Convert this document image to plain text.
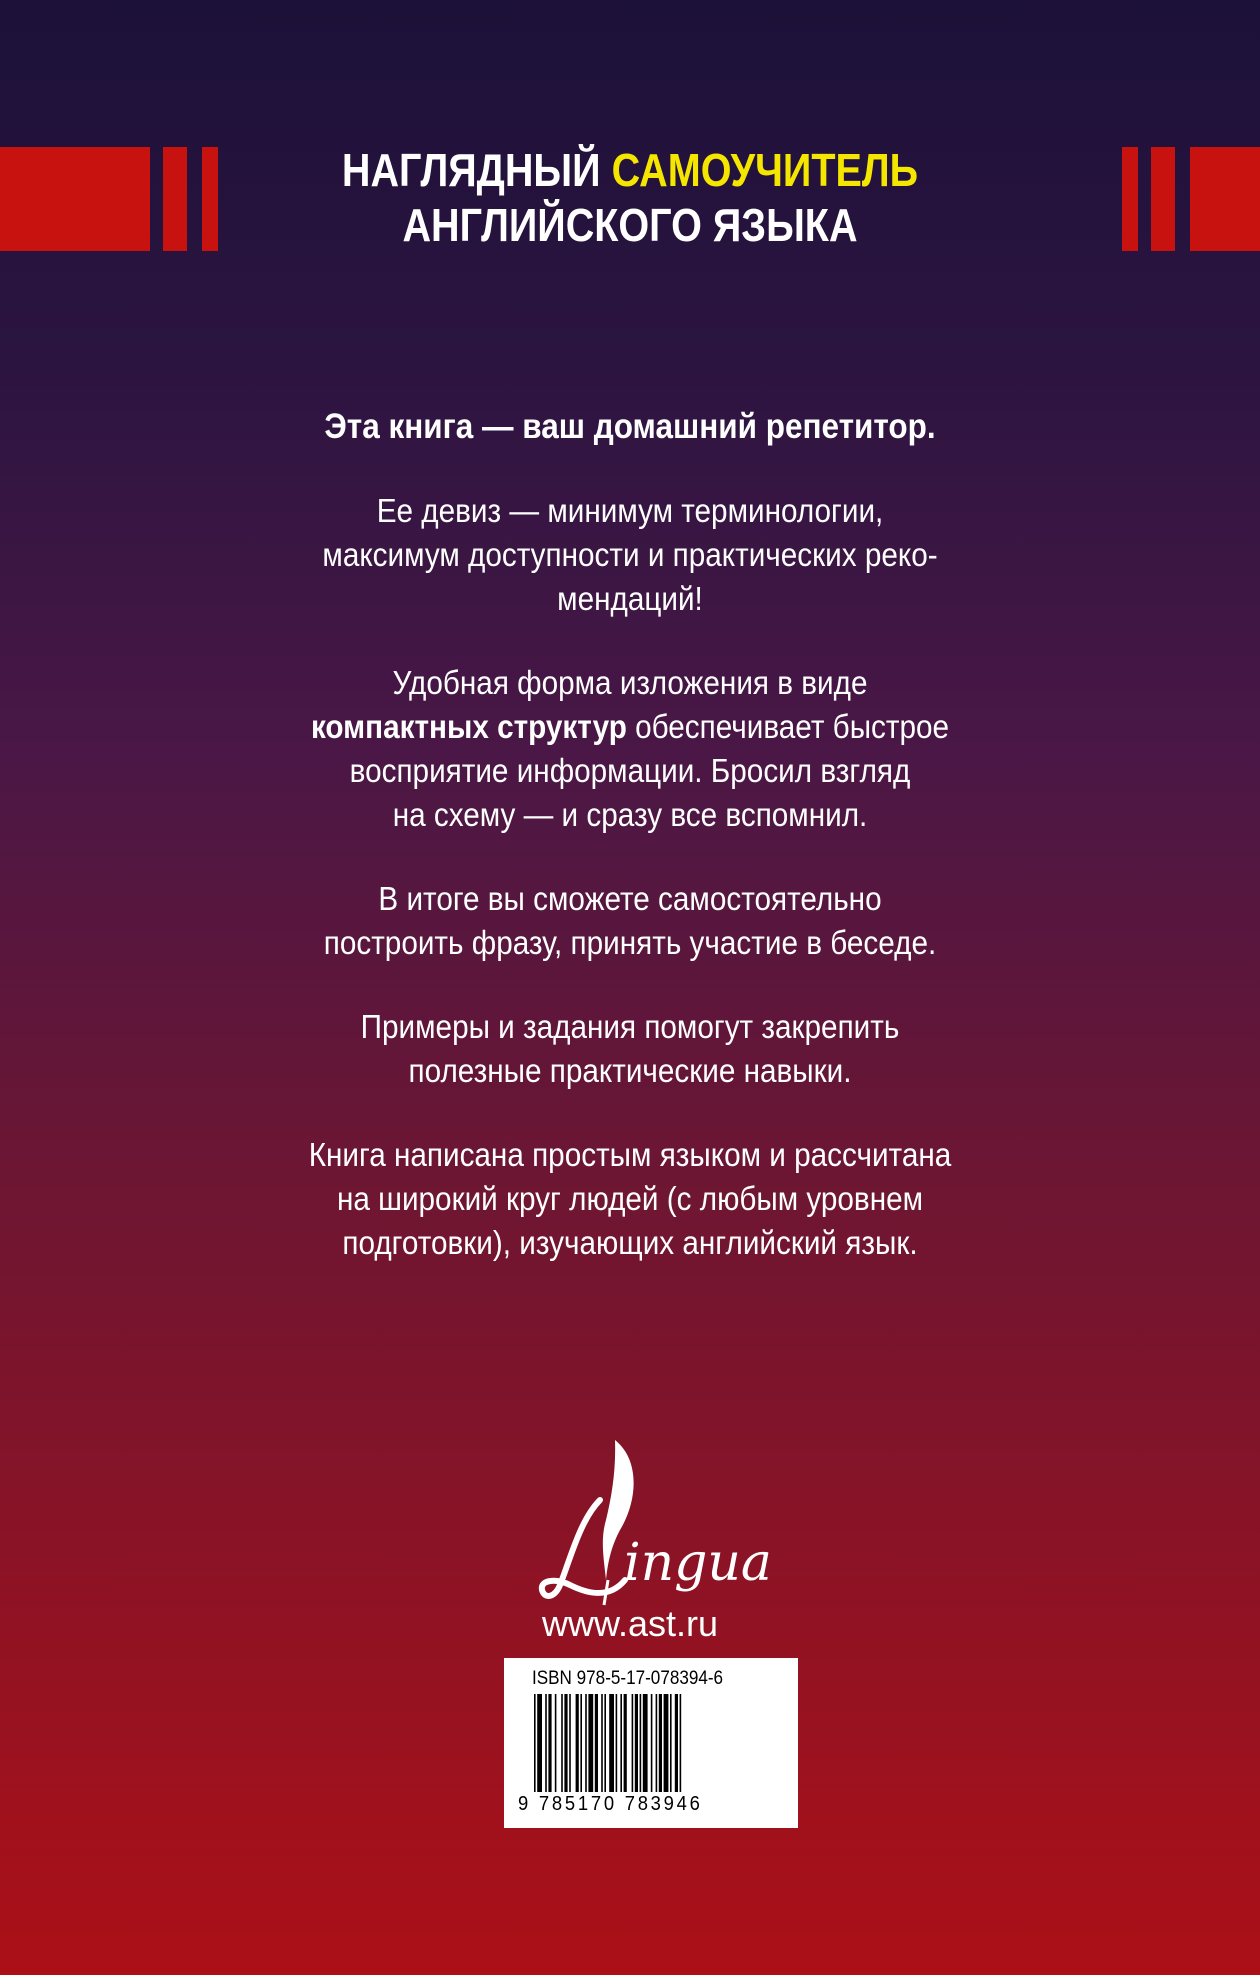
НАГЛЯДНЫЙ САМОУЧИТЕЛЬ
АНГЛИЙСКОГО ЯЗЫКА

Эта книга — ваш домашний репетитор.

Ее девиз — минимум терминологии,
максимум доступности и практических реко-
мендаций!

Удобная форма изложения в виде
компактных структур обеспечивает быстрое
восприятие информации. Бросил взгляд
на схему — и сразу все вспомнил.

В итоге вы сможете самостоятельно
построить фразу, принять участие в беседе.

Примеры и задания помогут закрепить
полезные практические навыки.

Книга написана простым языком и рассчитана
на широкий круг людей (с любым уровнем
подготовки), изучающих английский язык.

ingua
www.ast.ru
ISBN 978-5-17-078394-6
9 785170 783946
